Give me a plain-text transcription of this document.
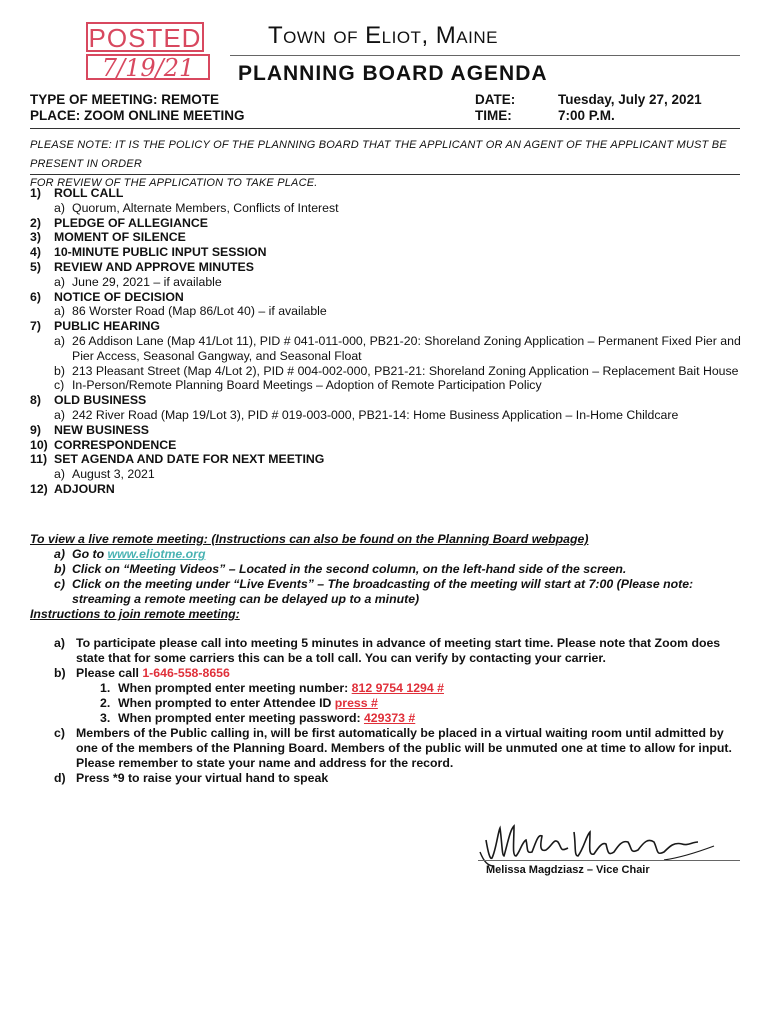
POSTED
7/19/21
Town of Eliot, Maine
PLANNING BOARD AGENDA
TYPE OF MEETING: REMOTE
PLACE: ZOOM ONLINE MEETING
DATE:	Tuesday, July 27, 2021
TIME:	7:00 P.M.
PLEASE NOTE: IT IS THE POLICY OF THE PLANNING BOARD THAT THE APPLICANT OR AN AGENT OF THE APPLICANT MUST BE PRESENT IN ORDER
FOR REVIEW OF THE APPLICATION TO TAKE PLACE.
1)	ROLL CALL
a) Quorum, Alternate Members, Conflicts of Interest
2)	PLEDGE OF ALLEGIANCE
3)	MOMENT OF SILENCE
4)	10-MINUTE PUBLIC INPUT SESSION
5)	REVIEW AND APPROVE MINUTES
a) June 29, 2021 – if available
6)	NOTICE OF DECISION
a) 86 Worster Road (Map 86/Lot 40) – if available
7)	PUBLIC HEARING
a) 26 Addison Lane (Map 41/Lot 11), PID # 041-011-000, PB21-20: Shoreland Zoning Application – Permanent Fixed Pier and Pier Access, Seasonal Gangway, and Seasonal Float
b) 213 Pleasant Street (Map 4/Lot 2), PID # 004-002-000, PB21-21: Shoreland Zoning Application – Replacement Bait House
c) In-Person/Remote Planning Board Meetings – Adoption of Remote Participation Policy
8)	OLD BUSINESS
a) 242 River Road (Map 19/Lot 3), PID # 019-003-000, PB21-14: Home Business Application – In-Home Childcare
9)	NEW BUSINESS
10) CORRESPONDENCE
11) SET AGENDA AND DATE FOR NEXT MEETING
a) August 3, 2021
12) ADJOURN
To view a live remote meeting: (Instructions can also be found on the Planning Board webpage)
a) Go to www.eliotme.org
b) Click on “Meeting Videos” – Located in the second column, on the left-hand side of the screen.
c) Click on the meeting under “Live Events” – The broadcasting of the meeting will start at 7:00 (Please note: streaming a remote meeting can be delayed up to a minute)
Instructions to join remote meeting:
a) To participate please call into meeting 5 minutes in advance of meeting start time. Please note that Zoom does state that for some carriers this can be a toll call. You can verify by contacting your carrier.
b) Please call 1-646-558-8656
1. When prompted enter meeting number: 812 9754 1294 #
2. When prompted to enter Attendee ID press #
3. When prompted enter meeting password: 429373 #
c) Members of the Public calling in, will be first automatically be placed in a virtual waiting room until admitted by one of the members of the Planning Board. Members of the public will be unmuted one at time to allow for input. Please remember to state your name and address for the record.
d) Press *9 to raise your virtual hand to speak
Melissa Magdziasz – Vice Chair
